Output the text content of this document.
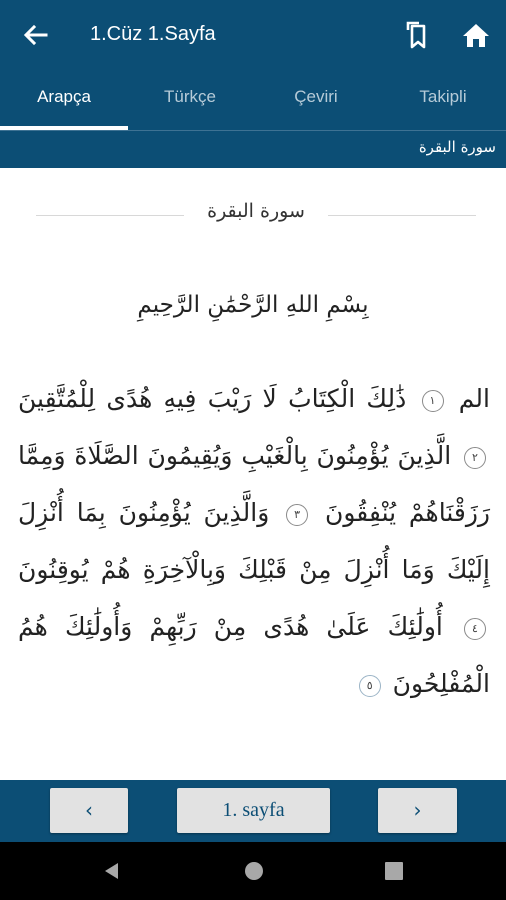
1.Cüz 1.Sayfa
Arapça	Türkçe	Çeviri	Takipli
سورة البقرة
سورة البقرة
بِسْمِ اللهِ الرَّحْمَٰنِ الرَّحِيمِ
الم ١ ذَٰلِكَ الْكِتَابُ لَا رَيْبَ فِيهِ هُدًى لِلْمُتَّقِينَ ٢ الَّذِينَ يُؤْمِنُونَ بِالْغَيْبِ وَيُقِيمُونَ الصَّلَاةَ وَمِمَّا رَزَقْنَاهُمْ يُنْفِقُونَ ٣ وَالَّذِينَ يُؤْمِنُونَ بِمَا أُنْزِلَ إِلَيْكَ وَمَا أُنْزِلَ مِنْ قَبْلِكَ وَبِالْآخِرَةِ هُمْ يُوقِنُونَ ٤ أُولَٰئِكَ عَلَىٰ هُدًى مِنْ رَبِّهِمْ وَأُولَٰئِكَ هُمُ الْمُفْلِحُونَ ٥
‹	1. sayfa	›
